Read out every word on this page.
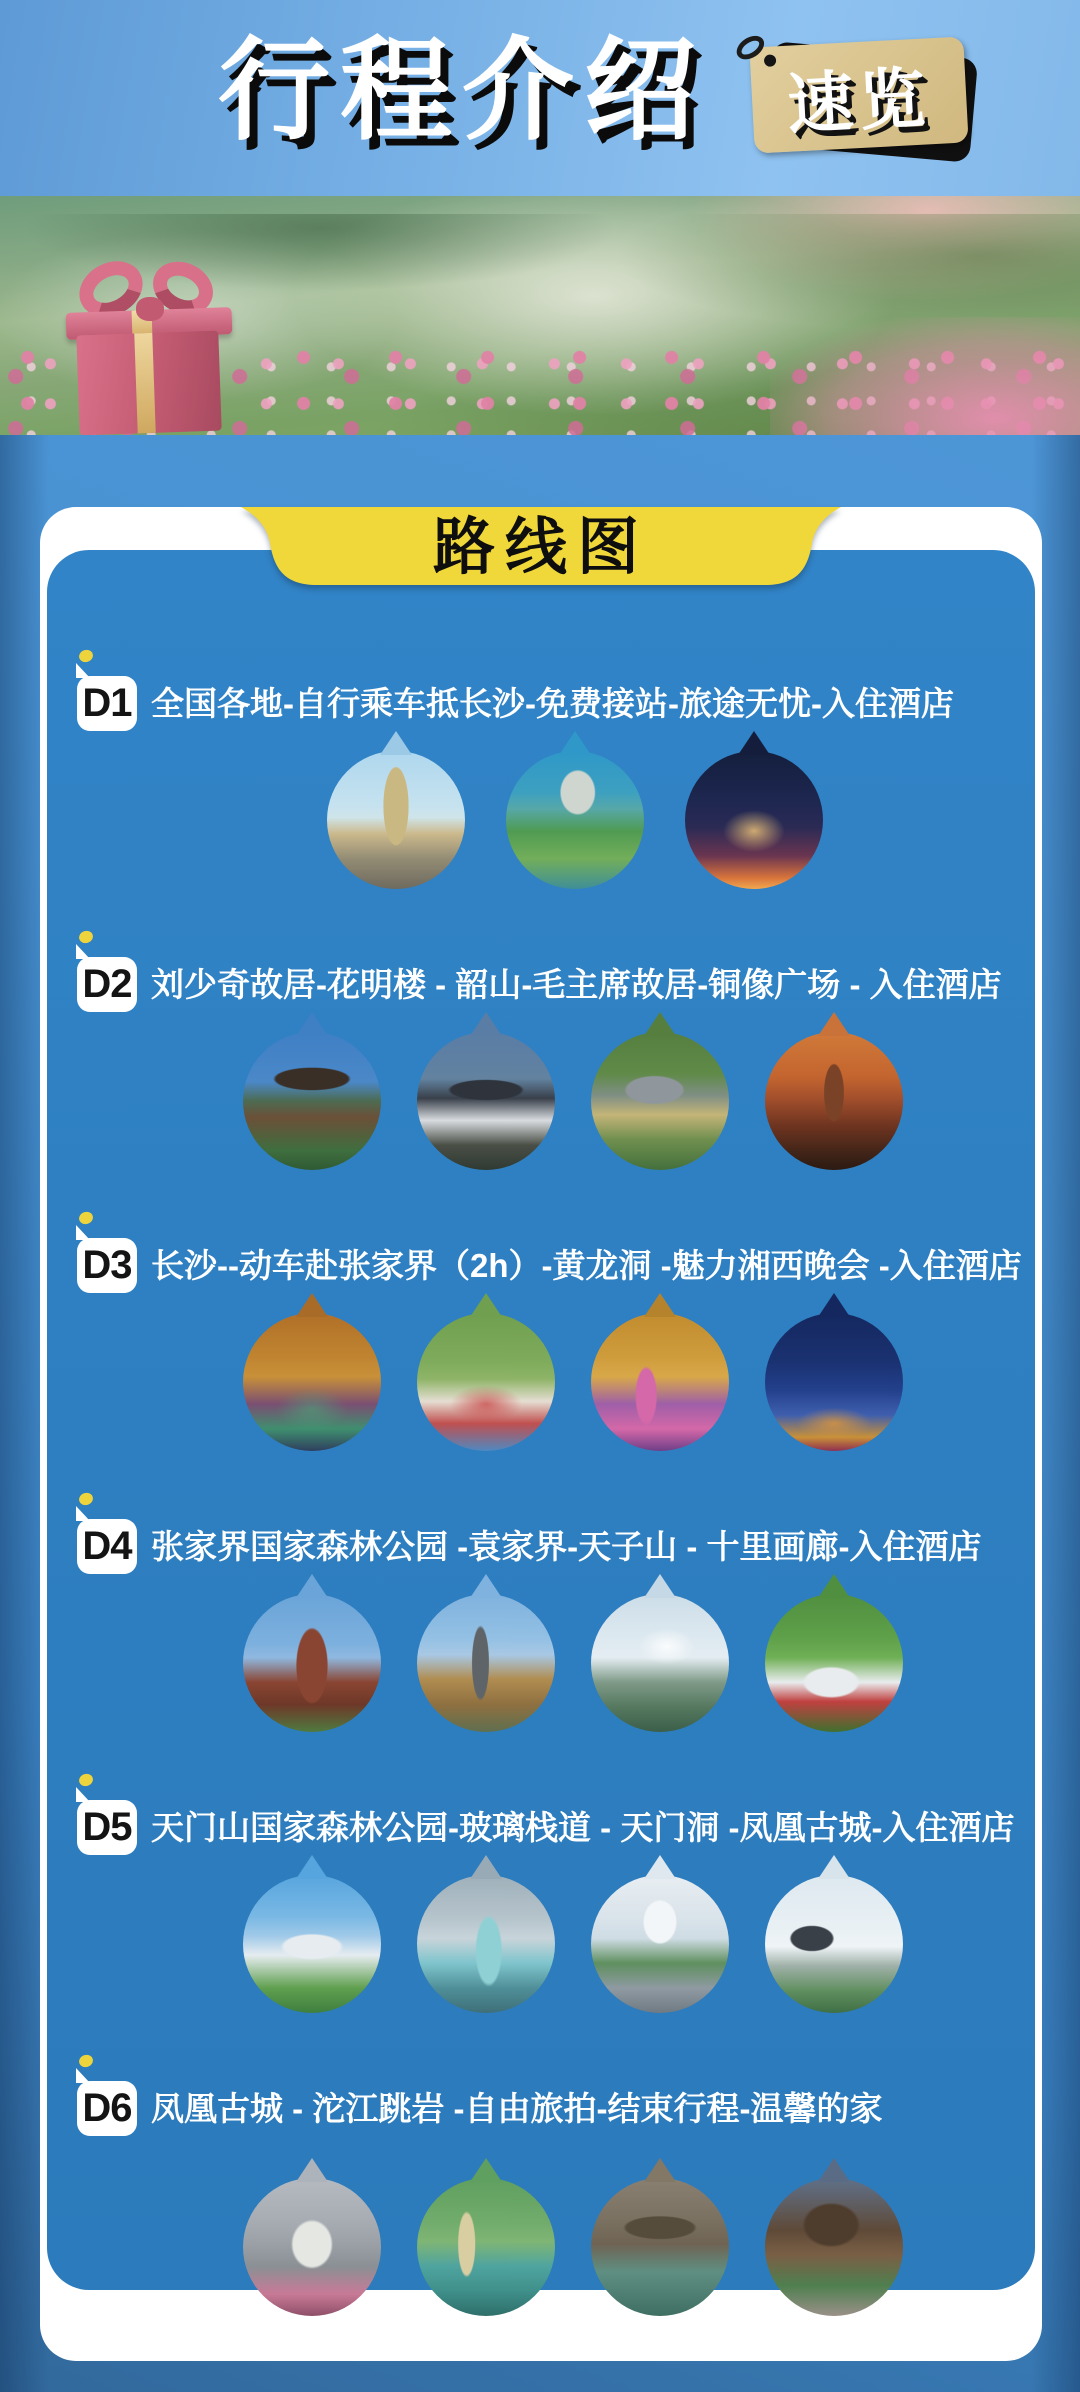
行程介绍 速览
D1 全国各地-自行乘车抵长沙-免费接站-旅途无忧-入住酒店
D2 刘少奇故居-花明楼 - 韶山-毛主席故居-铜像广场 - 入住酒店
D3 长沙--动车赴张家界（2h）-黄龙洞 -魅力湘西晚会 -入住酒店
D4 张家界国家森林公园 -袁家界-天子山 - 十里画廊-入住酒店
D5 天门山国家森林公园-玻璃栈道 - 天门洞 -凤凰古城-入住酒店
D6 凤凰古城 - 沱江跳岩 -自由旅拍-结束行程-温馨的家
路线图
